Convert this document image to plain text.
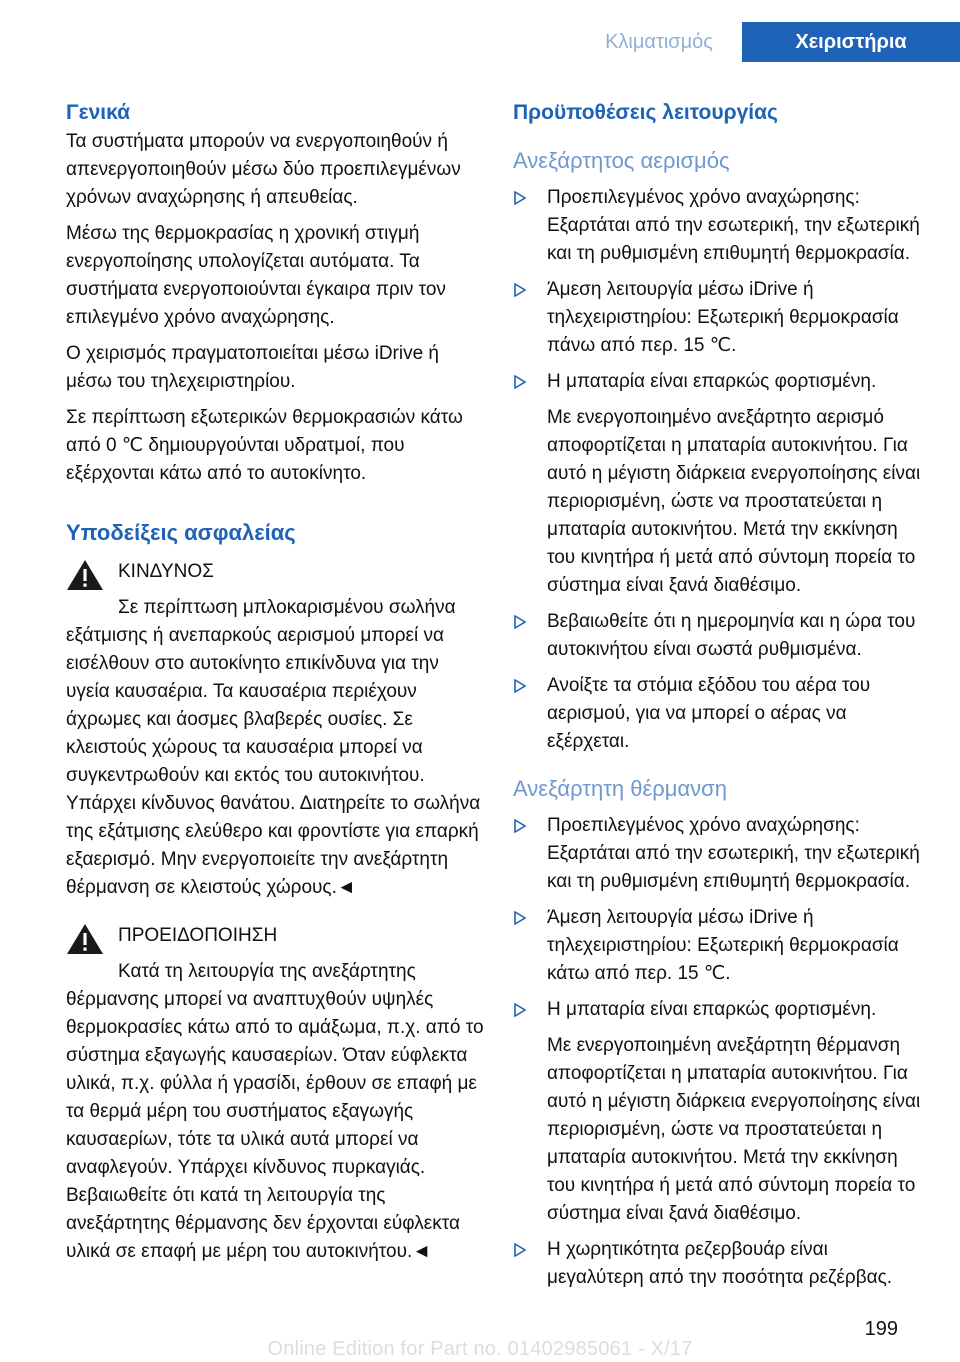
Κλιματισμός	Χειριστήρια
Γενικά

Τα συστήματα μπορούν να ενεργοποιηθούν ή απενεργοποιηθούν μέσω δύο προεπιλεγμένων χρόνων αναχώρησης ή απευθείας.

Μέσω της θερμοκρασίας η χρονική στιγμή ενεργοποίησης υπολογίζεται αυτόματα. Τα συστήματα ενεργοποιούνται έγκαιρα πριν τον επιλεγμένο χρόνο αναχώρησης.

Ο χειρισμός πραγματοποιείται μέσω iDrive ή μέσω του τηλεχειριστηρίου.

Σε περίπτωση εξωτερικών θερμοκρασιών κάτω από 0 ℃ δημιουργούνται υδρατμοί, που εξέρχονται κάτω από το αυτοκίνητο.

Υποδείξεις ασφαλείας

ΚΙΝΔΥΝΟΣ

Σε περίπτωση μπλοκαρισμένου σωλήνα

εξάτμισης ή ανεπαρκούς αερισμού μπορεί να εισέλθουν στο αυτοκίνητο επικίνδυνα για την υγεία καυσαέρια. Τα καυσαέρια περιέχουν άχρωμες και άοσμες βλαβερές ουσίες. Σε κλειστούς χώρους τα καυσαέρια μπορεί να συγκεντρωθούν και εκτός του αυτοκινήτου. Υπάρχει κίνδυνος θανάτου. Διατηρείτε το σωλήνα της εξάτμισης ελεύθερο και φροντίστε για επαρκή εξαερισμό. Μην ενεργοποιείτε την ανεξάρτητη θέρμανση σε κλειστούς χώρους.◄

ΠΡΟΕΙΔΟΠΟΙΗΣΗ

Κατά τη λειτουργία της ανεξάρτητης

θέρμανσης μπορεί να αναπτυχθούν υψηλές θερμοκρασίες κάτω από το αμάξωμα, π.χ. από το σύστημα εξαγωγής καυσαερίων. Όταν εύφλεκτα υλικά, π.χ. φύλλα ή γρασίδι, έρθουν σε επαφή με τα θερμά μέρη του συστήματος εξαγωγής καυσαερίων, τότε τα υλικά αυτά μπορεί να αναφλεγούν. Υπάρχει κίνδυνος πυρκαγιάς. Βεβαιωθείτε ότι κατά τη λειτουργία της ανεξάρτητης θέρμανσης δεν έρχονται εύφλεκτα υλικά σε επαφή με μέρη του αυτοκινήτου.◄

Προϋποθέσεις λειτουργίας
Ανεξάρτητος αερισμός

Προεπιλεγμένος χρόνο αναχώρησης: Εξαρτάται από την εσωτερική, την εξωτερική και τη ρυθμισμένη επιθυμητή θερμοκρασία.

Άμεση λειτουργία μέσω iDrive ή τηλεχειριστηρίου: Εξωτερική θερμοκρασία πάνω από περ. 15 ℃.

Η μπαταρία είναι επαρκώς φορτισμένη.

Με ενεργοποιημένο ανεξάρτητο αερισμό αποφορτίζεται η μπαταρία αυτοκινήτου. Για αυτό η μέγιστη διάρκεια ενεργοποίησης είναι περιορισμένη, ώστε να προστατεύεται η μπαταρία αυτοκινήτου. Μετά την εκκίνηση του κινητήρα ή μετά από σύντομη πορεία το σύστημα είναι ξανά διαθέσιμο.

Βεβαιωθείτε ότι η ημερομηνία και η ώρα του αυτοκινήτου είναι σωστά ρυθμισμένα.

Ανοίξτε τα στόμια εξόδου του αέρα του αερισμού, για να μπορεί ο αέρας να εξέρχεται.

Ανεξάρτητη θέρμανση

Προεπιλεγμένος χρόνο αναχώρησης: Εξαρτάται από την εσωτερική, την εξωτερική και τη ρυθμισμένη επιθυμητή θερμοκρασία.

Άμεση λειτουργία μέσω iDrive ή τηλεχειριστηρίου: Εξωτερική θερμοκρασία κάτω από περ. 15 ℃.

Η μπαταρία είναι επαρκώς φορτισμένη.

Με ενεργοποιημένη ανεξάρτητη θέρμανση αποφορτίζεται η μπαταρία αυτοκινήτου. Για αυτό η μέγιστη διάρκεια ενεργοποίησης είναι περιορισμένη, ώστε να προστατεύεται η μπαταρία αυτοκινήτου. Μετά την εκκίνηση του κινητήρα ή μετά από σύντομη πορεία το σύστημα είναι ξανά διαθέσιμο.

Η χωρητικότητα ρεζερβουάρ είναι μεγαλύτερη από την ποσότητα ρεζέρβας.

199
Online Edition for Part no. 01402985061 - X/17
